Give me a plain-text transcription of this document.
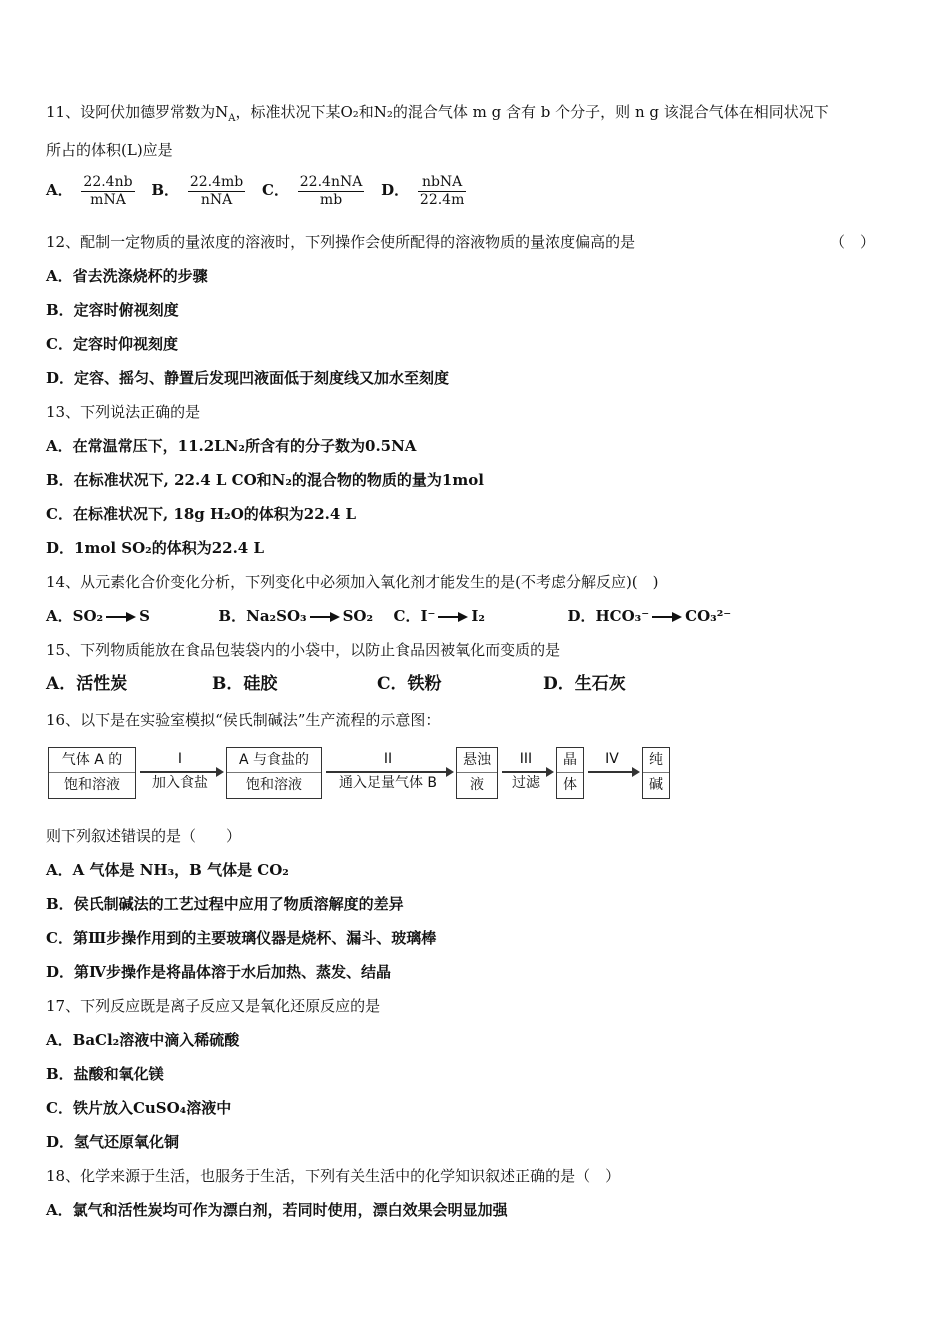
11、设阿伏加德罗常数为$N_A$，标准状况下某O₂和N₂的混合气体 m g 含有 b 个分子，则 n g 该混合气体在相同状况下
所占的体积(L)应是
A． $\frac{22.4nb}{\text{mNA}}$ B． $\frac{22.4mb}{\text{nNA}}$ C． $\frac{\text{22.4nNA}}{mb}$ D． $\frac{\text{nbNA}}{22.4m}$
12、配制一定物质的量浓度的溶液时，下列操作会使所配得的溶液物质的量浓度偏高的是	（　）
A．省去洗涤烧杯的步骤
B．定容时俯视刻度
C．定容时仰视刻度
D．定容、摇匀、静置后发现凹液面低于刻度线又加水至刻度
13、下列说法正确的是
A．在常温常压下，11.2LN₂所含有的分子数为0.5NA
B．在标准状况下, 22.4 L CO和N₂的混合物的物质的量为1mol
C．在标准状况下, 18g H₂O的体积为22.4 L
D．1mol SO₂的体积为22.4 L
14、从元素化合价变化分析，下列变化中必须加入氧化剂才能发生的是(不考虑分解反应)(　)
A．SO₂ S	B．Na₂SO₃ SO₂ C．I⁻ I₂	D．HCO₃⁻ CO₃²⁻
15、下列物质能放在食品包装袋内的小袋中，以防止食品因被氧化而变质的是
A．活性炭	B．硅胶	C．铁粉	D．生石灰
16、以下是在实验室模拟“侯氏制碱法”生产流程的示意图：
气体 A 的
饱和溶液
I
加入食盐
A 与食盐的
饱和溶液
II
通入足量气体 B
悬浊
液
III
过滤
晶
体
IV	纯
碱
则下列叙述错误的是（　　）
A．A 气体是 NH₃，B 气体是 CO₂
B．侯氏制碱法的工艺过程中应用了物质溶解度的差异
C．第Ⅲ步操作用到的主要玻璃仪器是烧杯、漏斗、玻璃棒
D．第Ⅳ步操作是将晶体溶于水后加热、蒸发、结晶
17、下列反应既是离子反应又是氧化还原反应的是
A．BaCl₂溶液中滴入稀硫酸
B．盐酸和氧化镁
C．铁片放入CuSO₄溶液中
D．氢气还原氧化铜
18、化学来源于生活，也服务于生活，下列有关生活中的化学知识叙述正确的是（　）
A．氯气和活性炭均可作为漂白剂，若同时使用，漂白效果会明显加强
